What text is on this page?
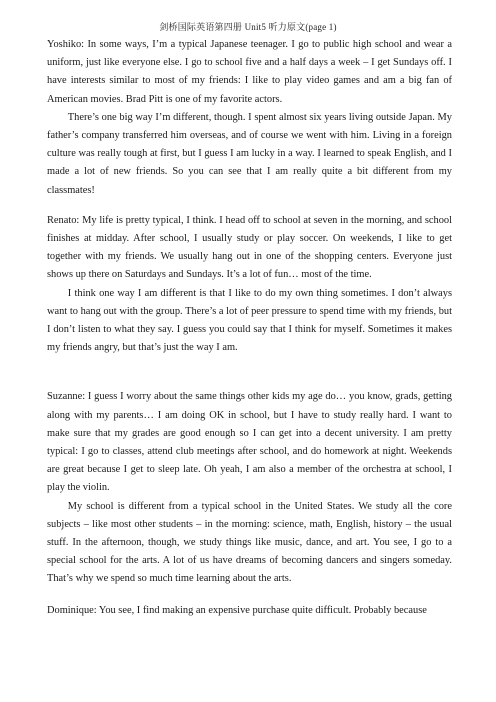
剑桥国际英语第四册 Unit5 听力原文(page 1)

Yoshiko: In some ways, I’m a typical Japanese teenager. I go to public high school and wear a uniform, just like everyone else. I go to school five and a half days a week – I get Sundays off. I have interests similar to most of my friends: I like to play video games and am a big fan of American movies. Brad Pitt is one of my favorite actors.

There’s one big way I’m different, though. I spent almost six years living outside Japan. My father’s company transferred him overseas, and of course we went with him. Living in a foreign culture was really tough at first, but I guess I am lucky in a way. I learned to speak English, and I made a lot of new friends. So you can see that I am really quite a bit different from my classmates!

Renato: My life is pretty typical, I think. I head off to school at seven in the morning, and school finishes at midday. After school, I usually study or play soccer. On weekends, I like to get together with my friends. We usually hang out in one of the shopping centers. Everyone just shows up there on Saturdays and Sundays. It’s a lot of fun… most of the time.

I think one way I am different is that I like to do my own thing sometimes. I don’t always want to hang out with the group. There’s a lot of peer pressure to spend time with my friends, but I don’t listen to what they say. I guess you could say that I think for myself. Sometimes it makes my friends angry, but that’s just the way I am.

Suzanne: I guess I worry about the same things other kids my age do… you know, grads, getting along with my parents… I am doing OK in school, but I have to study really hard. I want to make sure that my grades are good enough so I can get into a decent university. I am pretty typical: I go to classes, attend club meetings after school, and do homework at night. Weekends are great because I get to sleep late. Oh yeah, I am also a member of the orchestra at school, I play the violin.

My school is different from a typical school in the United States. We study all the core subjects – like most other students – in the morning: science, math, English, history – the usual stuff. In the afternoon, though, we study things like music, dance, and art. You see, I go to a special school for the arts. A lot of us have dreams of becoming dancers and singers someday. That’s why we spend so much time learning about the arts.

Dominique: You see, I find making an expensive purchase quite difficult. Probably because
